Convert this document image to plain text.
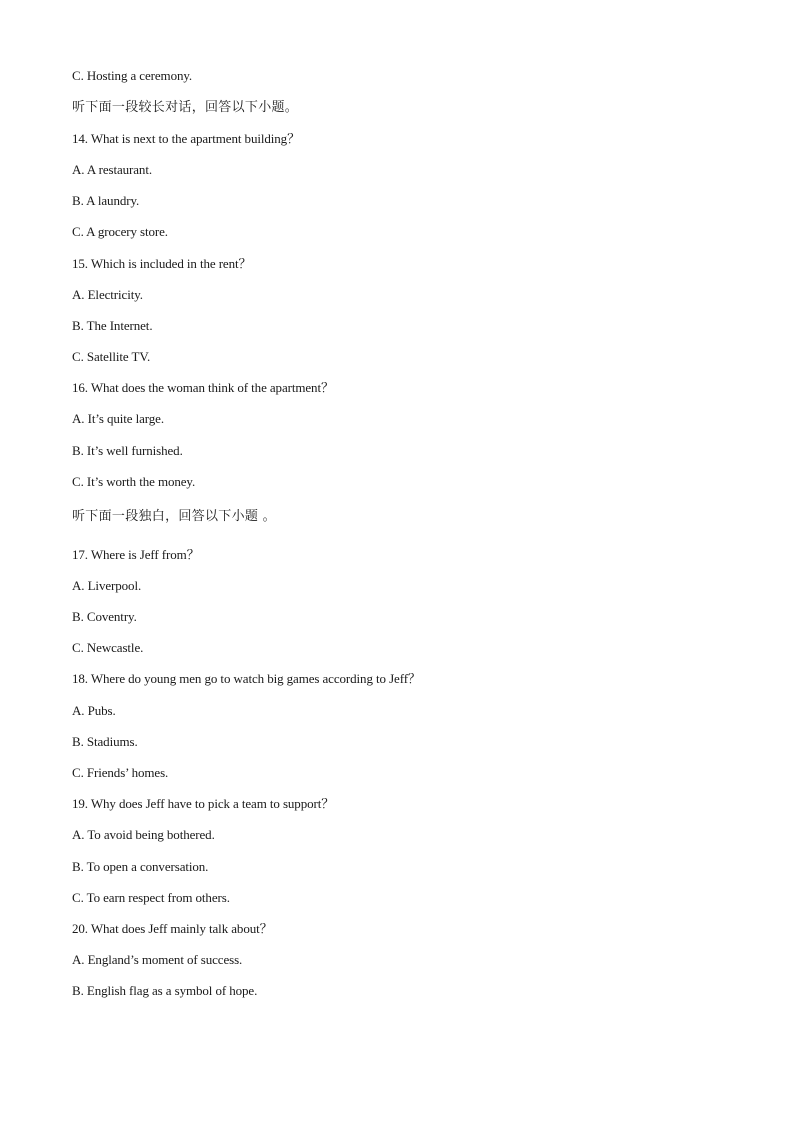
C. Hosting a ceremony.
听下面一段较长对话，回答以下小题。
14. What is next to the apartment building？
A. A restaurant.
B. A laundry.
C. A grocery store.
15. Which is included in the rent？
A. Electricity.
B. The Internet.
C. Satellite TV.
16. What does the woman think of the apartment？
A. It’s quite large.
B. It’s well furnished.
C. It’s worth the money.
听下面一段独白，回答以下小题 。
17. Where is Jeff from？
A. Liverpool.
B. Coventry.
C. Newcastle.
18. Where do young men go to watch big games according to Jeff？
A. Pubs.
B. Stadiums.
C. Friends’ homes.
19. Why does Jeff have to pick a team to support？
A. To avoid being bothered.
B. To open a conversation.
C. To earn respect from others.
20. What does Jeff mainly talk about？
A. England’s moment of success.
B. English flag as a symbol of hope.
